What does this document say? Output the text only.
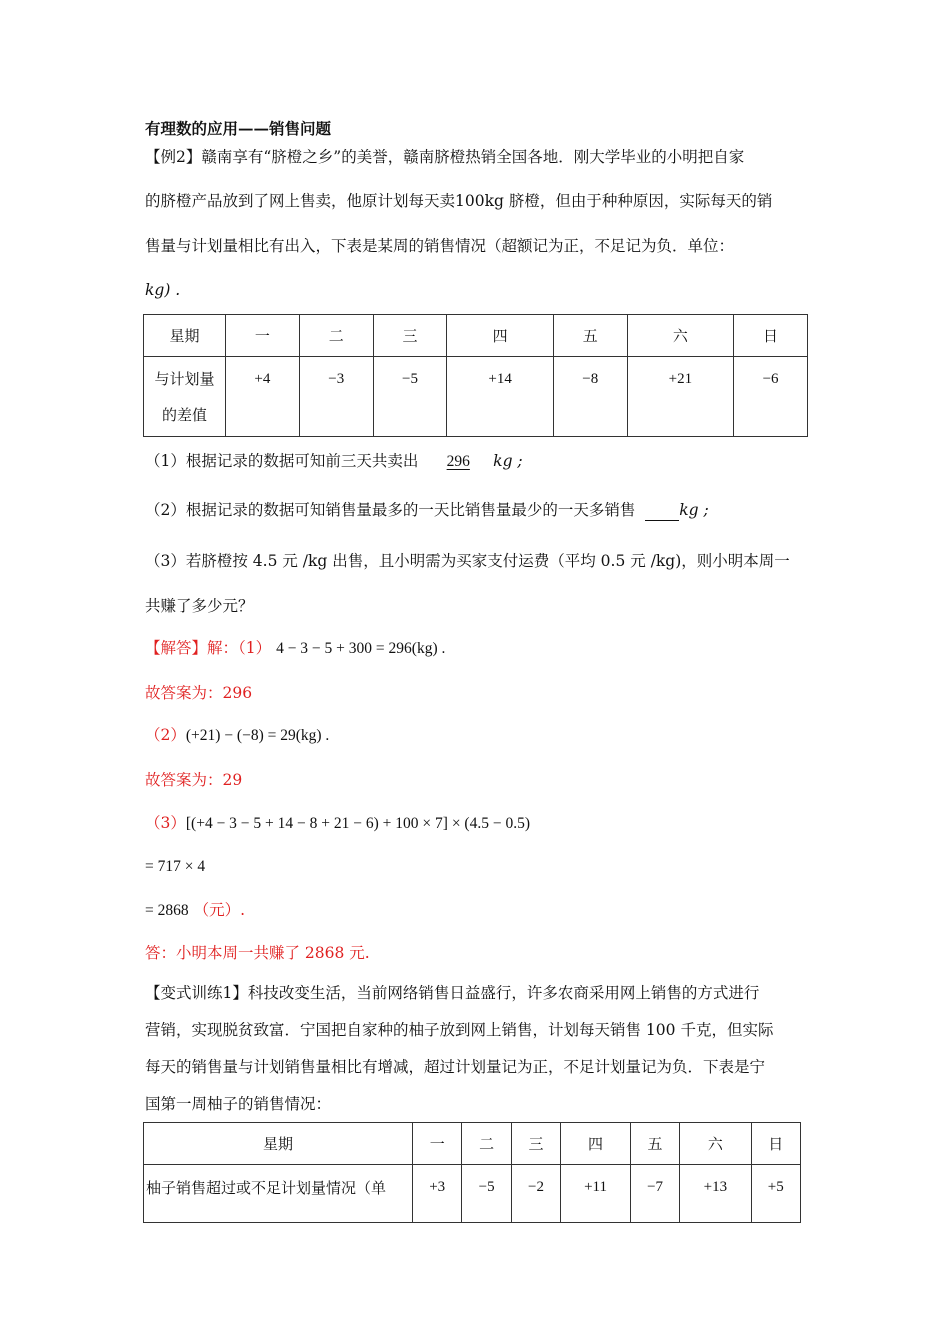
有理数的应用——销售问题
【例2】赣南享有“脐橙之乡”的美誉，赣南脐橙热销全国各地．刚大学毕业的小明把自家
的脐橙产品放到了网上售卖，他原计划每天卖100kg 脐橙，但由于种种原因，实际每天的销
售量与计划量相比有出入，下表是某周的销售情况（超额记为正，不足记为负．单位：
kg) .
星期	一	二	三	四	五	六	日
与计划量
的差值	+4	−3	−5	+14	−8	+21	−6
（1）根据记录的数据可知前三天共卖出 296 kg ;
（2）根据记录的数据可知销售量最多的一天比销售量最少的一天多销售	kg ;
（3）若脐橙按 4.5 元 /kg 出售，且小明需为买家支付运费（平均 0.5 元 /kg)，则小明本周一
共赚了多少元？
【解答】解：（1） 4 − 3 − 5 + 300 = 296(kg) .
故答案为：296
（2）(+21) − (−8) = 29(kg) .
故答案为：29
（3）[(+4 − 3 − 5 + 14 − 8 + 21 − 6) + 100 × 7] × (4.5 − 0.5)
= 717 × 4
= 2868 （元）.
答：小明本周一共赚了 2868 元.
【变式训练1】科技改变生活，当前网络销售日益盛行，许多农商采用网上销售的方式进行
营销，实现脱贫致富．宁国把自家种的柚子放到网上销售，计划每天销售 100 千克，但实际
每天的销售量与计划销售量相比有增减，超过计划量记为正，不足计划量记为负．下表是宁
国第一周柚子的销售情况：
星期	一	二	三	四	五	六	日
柚子销售超过或不足计划量情况（单	+3	−5	−2	+11	−7	+13	+5
